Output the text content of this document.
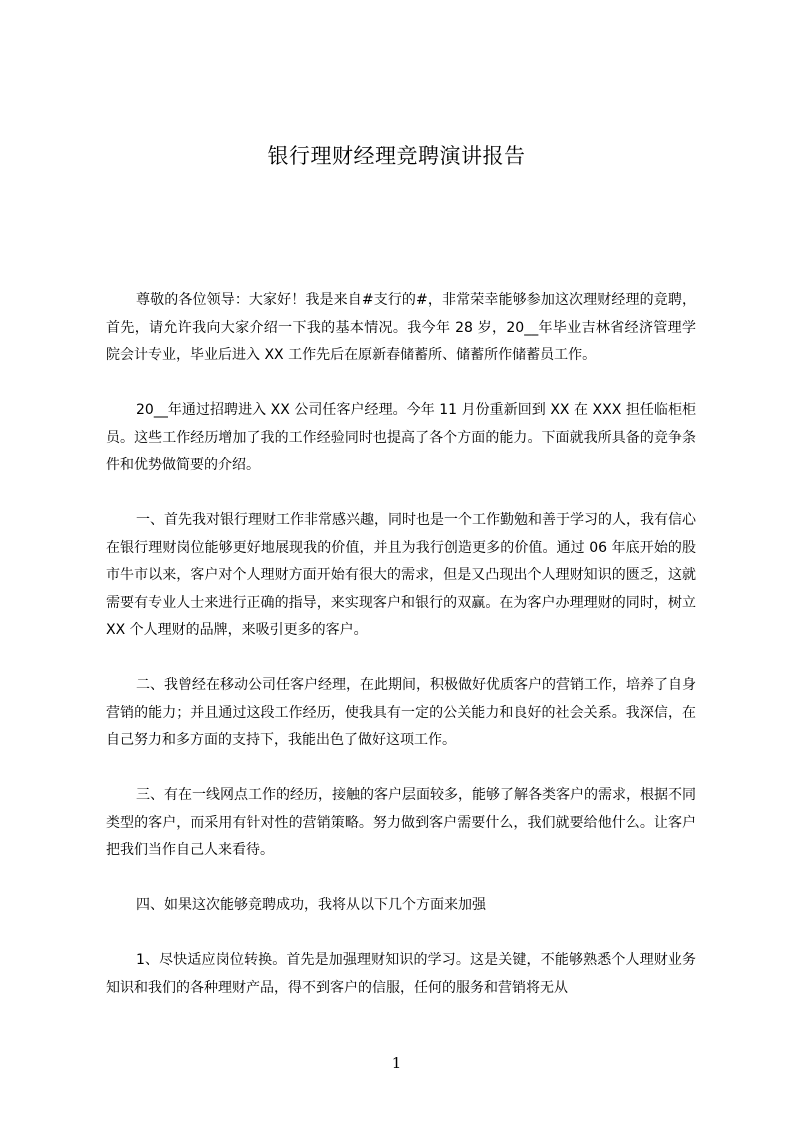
银行理财经理竞聘演讲报告

尊敬的各位领导：大家好！我是来自#支行的#，非常荣幸能够参加这次理财经理的竞聘，首先，请允许我向大家介绍一下我的基本情况。我今年 28 岁，20__年毕业吉林省经济管理学院会计专业，毕业后进入 XX 工作先后在原新春储蓄所、储蓄所作储蓄员工作。

20__年通过招聘进入 XX 公司任客户经理。今年 11 月份重新回到 XX 在 XXX 担任临柜柜员。这些工作经历增加了我的工作经验同时也提高了各个方面的能力。下面就我所具备的竞争条件和优势做简要的介绍。

一、首先我对银行理财工作非常感兴趣，同时也是一个工作勤勉和善于学习的人，我有信心在银行理财岗位能够更好地展现我的价值，并且为我行创造更多的价值。通过 06 年底开始的股市牛市以来，客户对个人理财方面开始有很大的需求，但是又凸现出个人理财知识的匮乏，这就需要有专业人士来进行正确的指导，来实现客户和银行的双赢。在为客户办理理财的同时，树立 XX 个人理财的品牌，来吸引更多的客户。

二、我曾经在移动公司任客户经理，在此期间，积极做好优质客户的营销工作，培养了自身营销的能力；并且通过这段工作经历，使我具有一定的公关能力和良好的社会关系。我深信，在自己努力和多方面的支持下，我能出色了做好这项工作。

三、有在一线网点工作的经历，接触的客户层面较多，能够了解各类客户的需求，根据不同类型的客户，而采用有针对性的营销策略。努力做到客户需要什么，我们就要给他什么。让客户把我们当作自己人来看待。

四、如果这次能够竞聘成功，我将从以下几个方面来加强

1、尽快适应岗位转换。首先是加强理财知识的学习。这是关键，不能够熟悉个人理财业务知识和我们的各种理财产品，得不到客户的信服，任何的服务和营销将无从

1
